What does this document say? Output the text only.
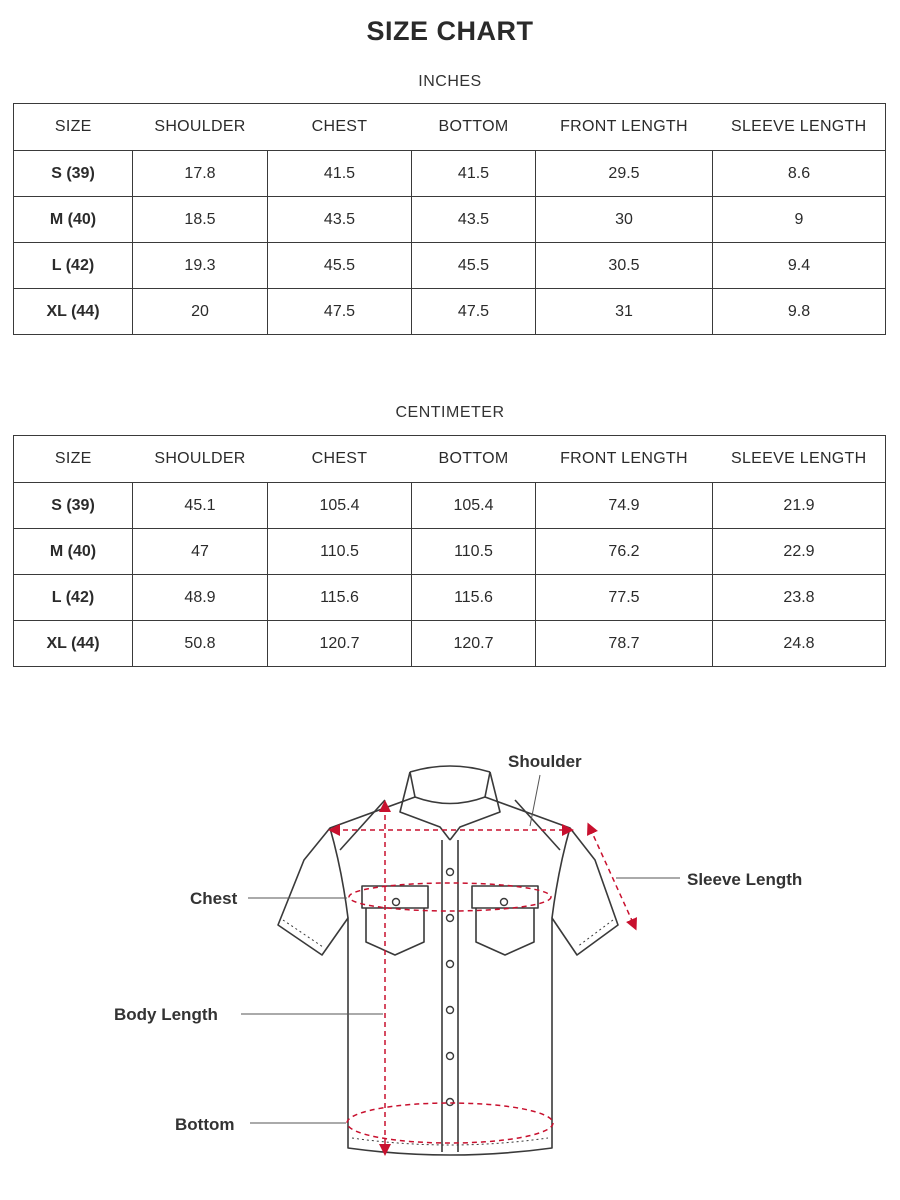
SIZE CHART
INCHES
SIZE	SHOULDER	CHEST	BOTTOM	FRONT LENGTH	SLEEVE LENGTH
S (39)	17.8	41.5	41.5	29.5	8.6
M (40)	18.5	43.5	43.5	30	9
L (42)	19.3	45.5	45.5	30.5	9.4
XL (44)	20	47.5	47.5	31	9.8
CENTIMETER
SIZE	SHOULDER	CHEST	BOTTOM	FRONT LENGTH	SLEEVE LENGTH
S (39)	45.1	105.4	105.4	74.9	21.9
M (40)	47	110.5	110.5	76.2	22.9
L (42)	48.9	115.6	115.6	77.5	23.8
XL (44)	50.8	120.7	120.7	78.7	24.8
Shoulder
Sleeve Length
Chest
Body Length
Bottom
